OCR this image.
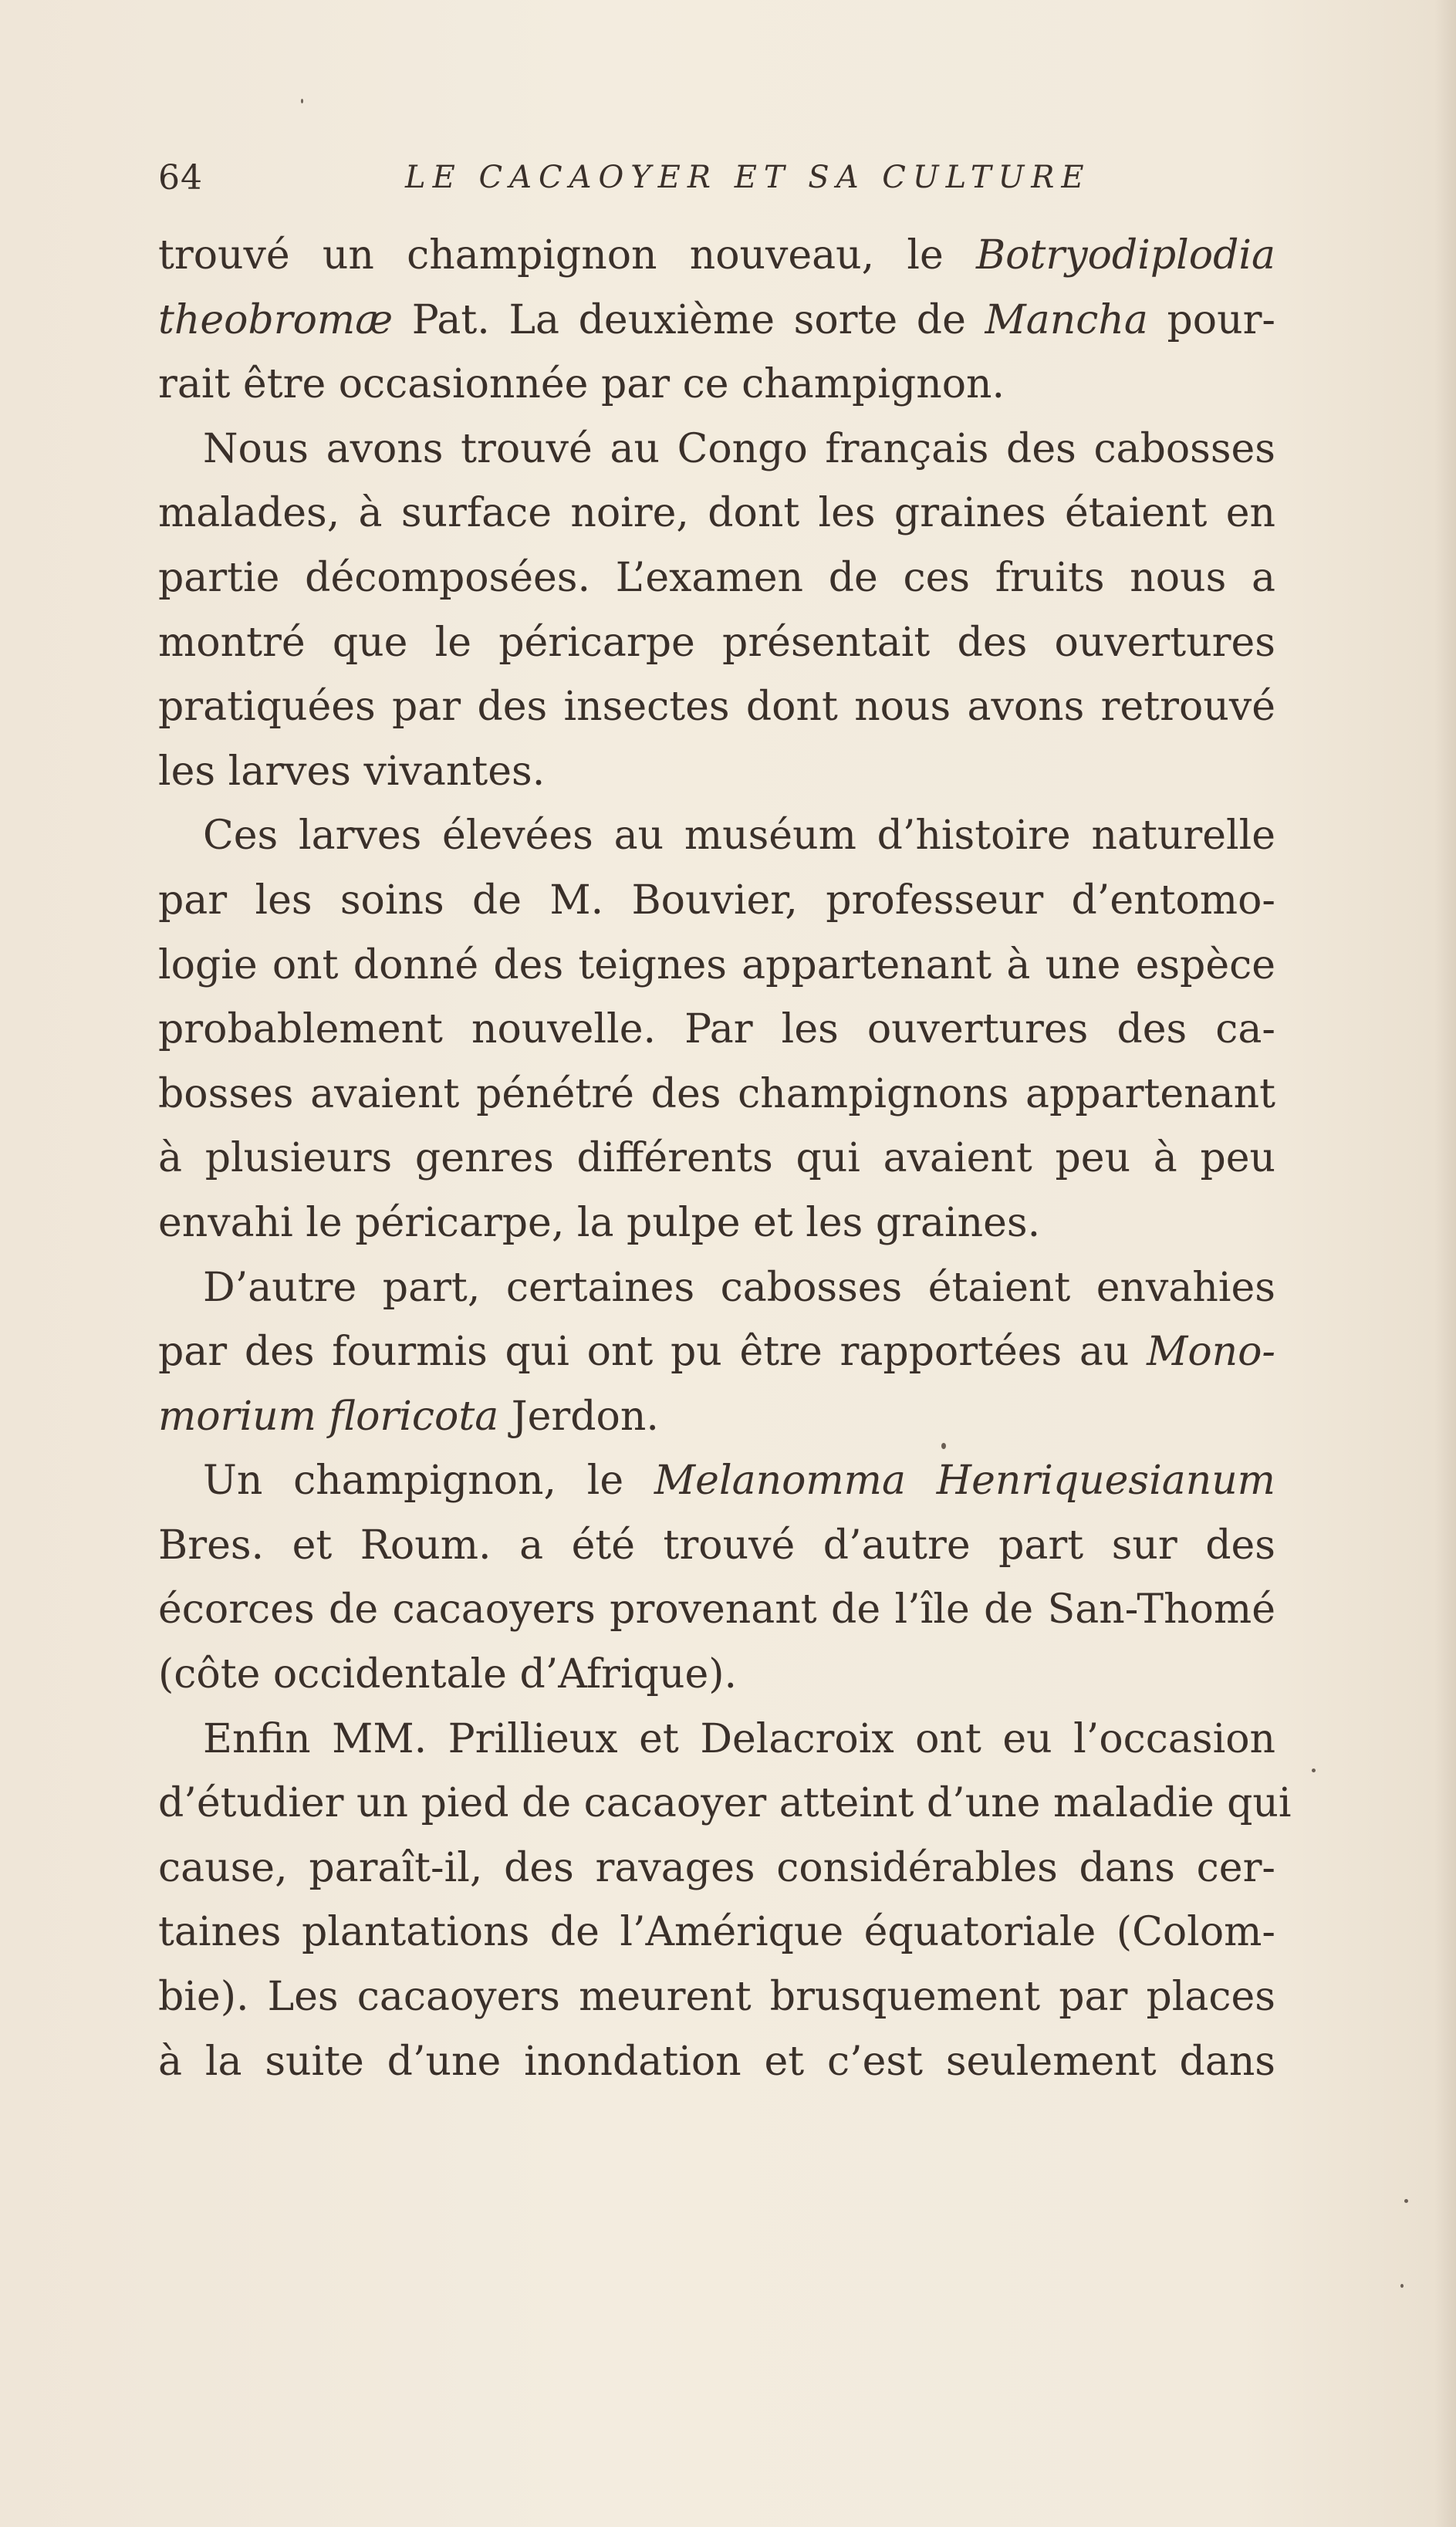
64	LE CACAOYER ET SA CULTURE
trouvé un champignon nouveau, le Botryodiplodia
theobromæ Pat. La deuxième sorte de Mancha pour-
rait être occasionnée par ce champignon.
Nous avons trouvé au Congo français des cabosses
malades, à surface noire, dont les graines étaient en
partie décomposées. L’examen de ces fruits nous a
montré que le péricarpe présentait des ouvertures
pratiquées par des insectes dont nous avons retrouvé
les larves vivantes.
Ces larves élevées au muséum d’histoire naturelle
par les soins de M. Bouvier, professeur d’entomo-
logie ont donné des teignes appartenant à une espèce
probablement nouvelle. Par les ouvertures des ca-
bosses avaient pénétré des champignons appartenant
à plusieurs genres différents qui avaient peu à peu
envahi le péricarpe, la pulpe et les graines.
D’autre part, certaines cabosses étaient envahies
par des fourmis qui ont pu être rapportées au Mono-
morium floricota Jerdon.
Un champignon, le Melanomma Henriquesianum
Bres. et Roum. a été trouvé d’autre part sur des
écorces de cacaoyers provenant de l’île de San-Thomé
(côte occidentale d’Afrique).
Enfin MM. Prillieux et Delacroix ont eu l’occasion
d’étudier un pied de cacaoyer atteint d’une maladie qui
cause, paraît-il, des ravages considérables dans cer-
taines plantations de l’Amérique équatoriale (Colom-
bie). Les cacaoyers meurent brusquement par places
à la suite d’une inondation et c’est seulement dans
